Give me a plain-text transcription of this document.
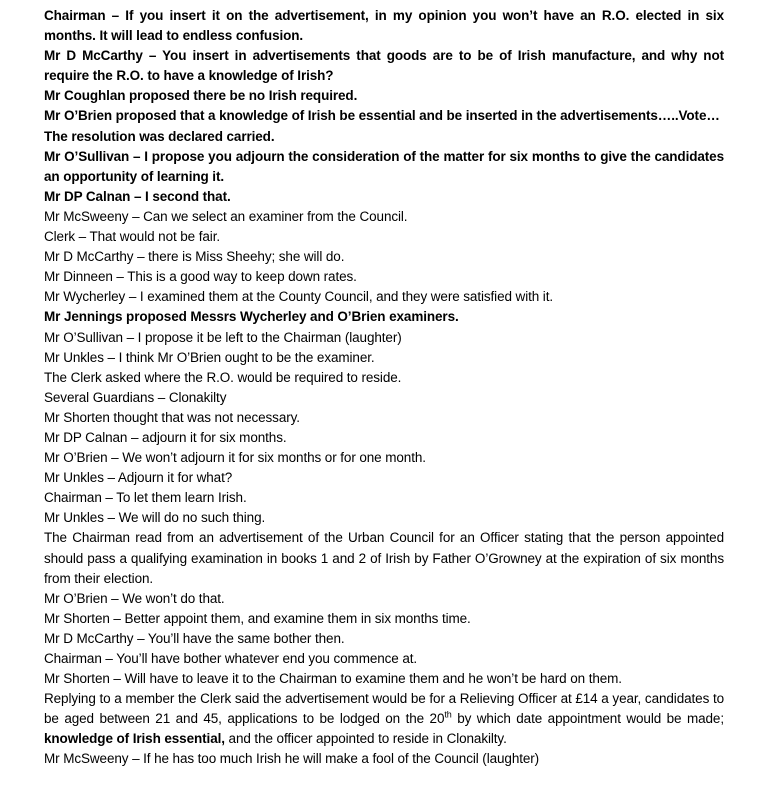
Chairman – If you insert it on the advertisement, in my opinion you won’t have an R.O. elected in six months. It will lead to endless confusion.

Mr D McCarthy – You insert in advertisements that goods are to be of Irish manufacture, and why not require the R.O. to have a knowledge of Irish?

Mr Coughlan proposed there be no Irish required.

Mr O’Brien proposed that a knowledge of Irish be essential and be inserted in the advertisements…..Vote…

The resolution was declared carried.

Mr O’Sullivan – I propose you adjourn the consideration of the matter for six months to give the candidates an opportunity of learning it.

Mr DP Calnan – I second that.

Mr McSweeny – Can we select an examiner from the Council.

Clerk – That would not be fair.

Mr D McCarthy – there is Miss Sheehy; she will do.

Mr Dinneen – This is a good way to keep down rates.

Mr Wycherley – I examined them at the County Council, and they were satisfied with it.

Mr Jennings proposed Messrs Wycherley and O’Brien examiners.

Mr O’Sullivan – I propose it be left to the Chairman (laughter)

Mr Unkles – I think Mr O’Brien ought to be the examiner.

The Clerk asked where the R.O. would be required to reside.

Several Guardians – Clonakilty

Mr Shorten thought that was not necessary.

Mr DP Calnan – adjourn it for six months.

Mr O’Brien – We won’t adjourn it for six months or for one month.

Mr Unkles – Adjourn it for what?

Chairman – To let them learn Irish.

Mr Unkles – We will do no such thing.

The Chairman read from an advertisement of the Urban Council for an Officer stating that the person appointed should pass a qualifying examination in books 1 and 2 of Irish by Father O’Growney at the expiration of six months from their election.

Mr O’Brien – We won’t do that.

Mr Shorten – Better appoint them, and examine them in six months time.

Mr D McCarthy – You’ll have the same bother then.

Chairman – You’ll have bother whatever end you commence at.

Mr Shorten – Will have to leave it to the Chairman to examine them and he won’t be hard on them.

Replying to a member the Clerk said the advertisement would be for a Relieving Officer at £14 a year, candidates to be aged between 21 and 45, applications to be lodged on the 20th by which date appointment would be made; knowledge of Irish essential, and the officer appointed to reside in Clonakilty.

Mr McSweeny – If he has too much Irish he will make a fool of the Council (laughter)
